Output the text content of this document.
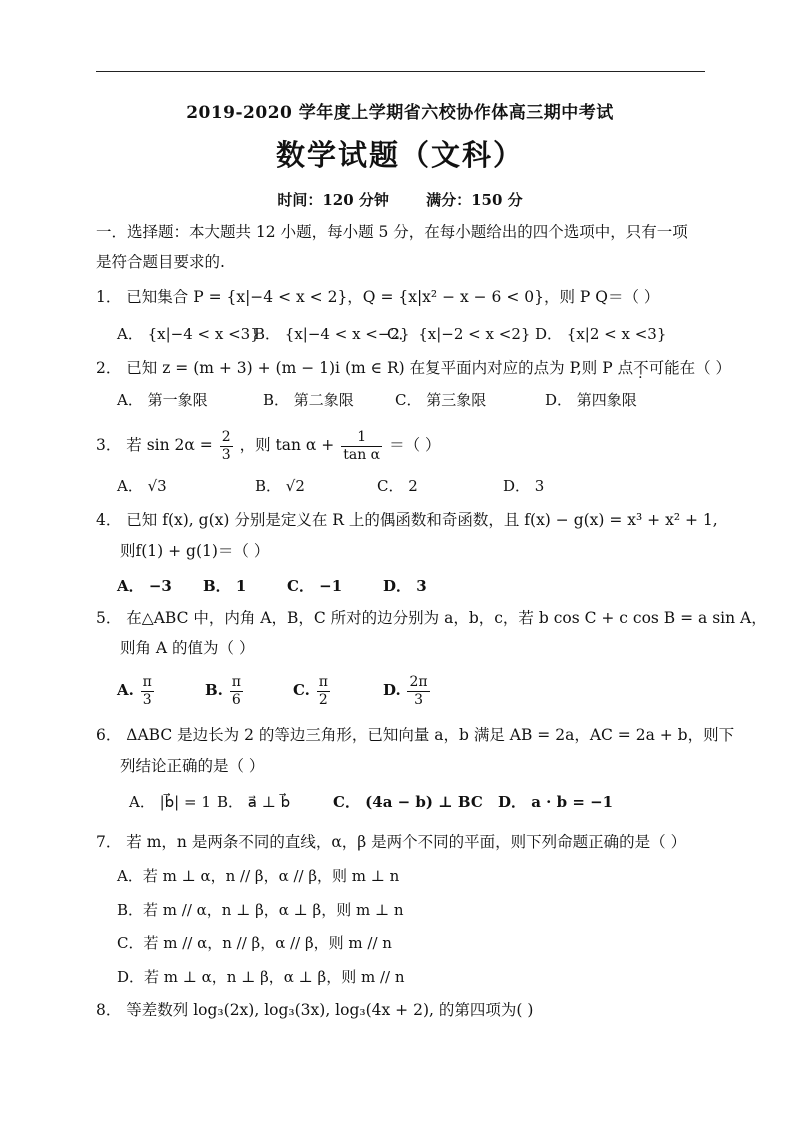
2019-2020 学年度上学期省六校协作体高三期中考试
数学试题（文科）
时间：120 分钟 满分：150 分
一．选择题：本大题共 12 小题，每小题 5 分，在每小题给出的四个选项中，只有一项
是符合题目要求的.
1． 已知集合 P = {x|−4 < x < 2}，Q = {x|x² − x − 6 < 0}，则 P Q＝（ ）
A． {x|−4 < x <3}
B． {x|−4 < x <−2}
C． {x|−2 < x <2} D． {x|2 < x <3}
2． 已知 z = (m + 3) + (m − 1)i (m ∈ R) 在复平面内对应的点为 P,则 P 点不可能在（ ）
A． 第一象限	B． 第二象限	C． 第三象限	D． 第四象限
3． 若 $\sin 2\alpha = \frac{2}{3}$ ，则 $\tan \alpha + \frac{1}{\text{tan α}}$ ＝（ ）
A． √3	B． √2	C． 2	D． 3
4． 已知 f(x), g(x) 分别是定义在 R 上的偶函数和奇函数，且 f(x) − g(x) = x³ + x² + 1,
则f(1) + g(1)＝（ ）
A． −3 B． 1	C． −1	D． 3
5． 在△ABC 中，内角 A，B，C 所对的边分别为 a，b，c，若 b cos C + c cos B = a sin A，
则角 A 的值为（ ）
A. $\frac{\pi}{3}$	B. $\frac{\pi}{6}$	C. $\frac{\pi}{2}$	D. $\frac{2\pi}{3}$
6． ΔABC 是边长为 2 的等边三角形，已知向量 a，b 满足 AB = 2a，AC = 2a + b，则下
列结论正确的是（ ）
A． |b⃗| = 1 B． a⃗ ⊥ b⃗	C． (4a − b) ⊥ BC D． a · b = −1
7． 若 m，n 是两条不同的直线，α，β 是两个不同的平面，则下列命题正确的是（ ）
A．若 m ⊥ α，n // β，α // β，则 m ⊥ n
B．若 m // α，n ⊥ β，α ⊥ β，则 m ⊥ n
C．若 m // α，n // β，α // β，则 m // n
D．若 m ⊥ α，n ⊥ β，α ⊥ β，则 m // n
8． 等差数列 log₃(2x), log₃(3x), log₃(4x + 2), 的第四项为( )
